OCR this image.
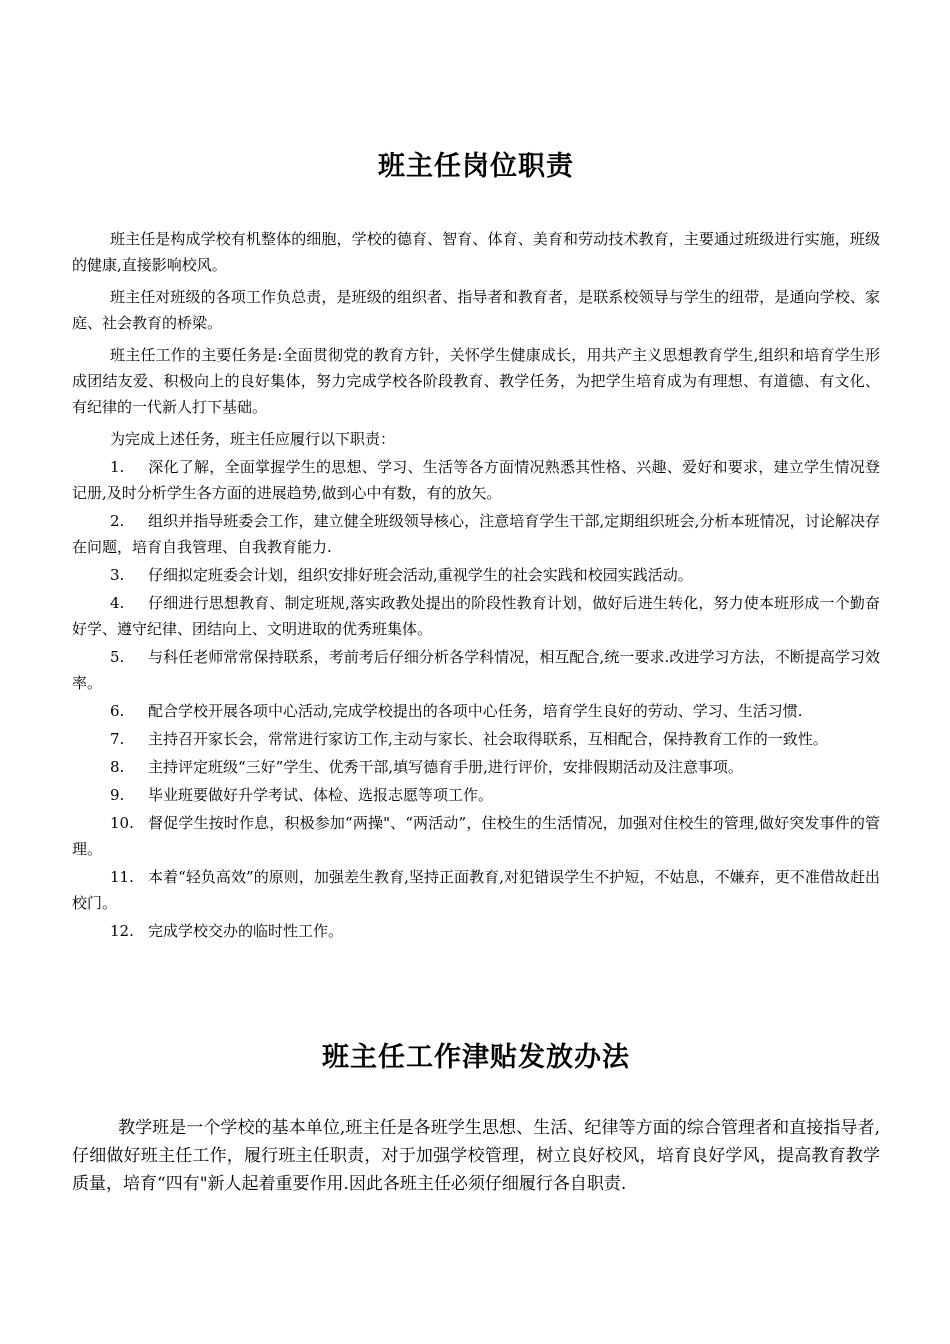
班主任岗位职责

班主任是构成学校有机整体的细胞，学校的德育、智育、体育、美育和劳动技术教育，主要通过班级进行实施，班级的健康,直接影响校风。

班主任对班级的各项工作负总责，是班级的组织者、指导者和教育者，是联系校领导与学生的纽带，是通向学校、家庭、社会教育的桥梁。

班主任工作的主要任务是:全面贯彻党的教育方针，关怀学生健康成长，用共产主义思想教育学生,组织和培育学生形成团结友爱、积极向上的良好集体，努力完成学校各阶段教育、教学任务，为把学生培育成为有理想、有道德、有文化、有纪律的一代新人打下基础。

为完成上述任务，班主任应履行以下职责：

1. 深化了解，全面掌握学生的思想、学习、生活等各方面情况熟悉其性格、兴趣、爱好和要求，建立学生情况登记册,及时分析学生各方面的进展趋势,做到心中有数，有的放矢。
2. 组织并指导班委会工作，建立健全班级领导核心，注意培育学生干部,定期组织班会,分析本班情况，讨论解决存在问题，培育自我管理、自我教育能力.
3. 仔细拟定班委会计划，组织安排好班会活动,重视学生的社会实践和校园实践活动。
4. 仔细进行思想教育、制定班规,落实政教处提出的阶段性教育计划，做好后进生转化，努力使本班形成一个勤奋好学、遵守纪律、团结向上、文明进取的优秀班集体。
5. 与科任老师常常保持联系，考前考后仔细分析各学科情况，相互配合,统一要求.改进学习方法，不断提高学习效率。
6. 配合学校开展各项中心活动,完成学校提出的各项中心任务，培育学生良好的劳动、学习、生活习惯.
7. 主持召开家长会，常常进行家访工作,主动与家长、社会取得联系，互相配合，保持教育工作的一致性。
8. 主持评定班级“三好”学生、优秀干部,填写德育手册,进行评价，安排假期活动及注意事项。
9. 毕业班要做好升学考试、体检、选报志愿等项工作。
10. 督促学生按时作息，积极参加“两操"、“两活动”，住校生的生活情况，加强对住校生的管理,做好突发事件的管理。
11. 本着“轻负高效”的原则，加强差生教育,坚持正面教育,对犯错误学生不护短，不姑息，不嫌弃，更不准借故赶出校门。
12. 完成学校交办的临时性工作。
班主任工作津贴发放办法

教学班是一个学校的基本单位,班主任是各班学生思想、生活、纪律等方面的综合管理者和直接指导者,仔细做好班主任工作，履行班主任职责，对于加强学校管理，树立良好校风，培育良好学风，提高教育教学质量，培育“四有"新人起着重要作用.因此各班主任必须仔细履行各自职责.
